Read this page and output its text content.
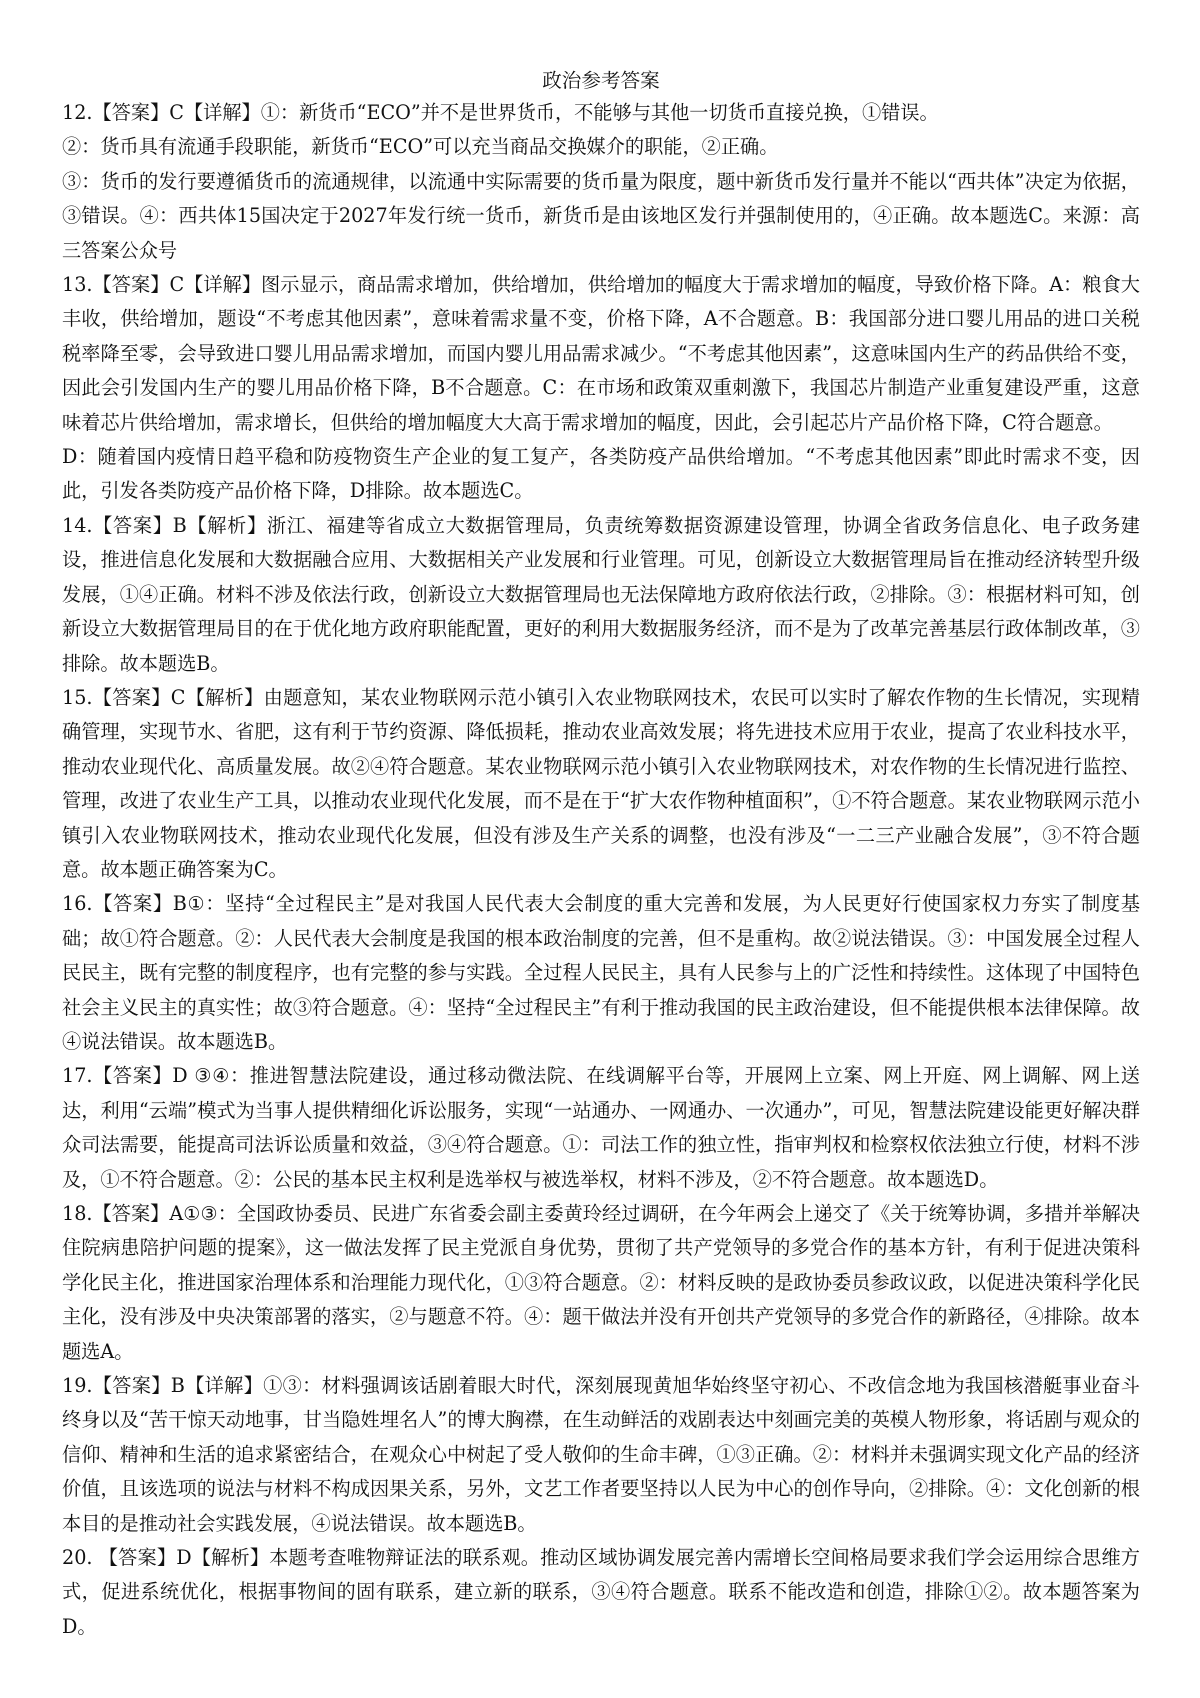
政治参考答案

12.【答案】C【详解】①：新货币“ECO”并不是世界货币，不能够与其他一切货币直接兑换，①错误。

②：货币具有流通手段职能，新货币“ECO”可以充当商品交换媒介的职能，②正确。

③：货币的发行要遵循货币的流通规律，以流通中实际需要的货币量为限度，题中新货币发行量并不能以“西共体”决定为依据，③错误。④：西共体15国决定于2027年发行统一货币，新货币是由该地区发行并强制使用的，④正确。故本题选C。来源：高三答案公众号

13.【答案】C【详解】图示显示，商品需求增加，供给增加，供给增加的幅度大于需求增加的幅度，导致价格下降。A：粮食大丰收，供给增加，题设“不考虑其他因素”，意味着需求量不变，价格下降，A不合题意。B：我国部分进口婴儿用品的进口关税税率降至零，会导致进口婴儿用品需求增加，而国内婴儿用品需求减少。“不考虑其他因素”，这意味国内生产的药品供给不变，因此会引发国内生产的婴儿用品价格下降，B不合题意。C：在市场和政策双重刺激下，我国芯片制造产业重复建设严重，这意味着芯片供给增加，需求增长，但供给的增加幅度大大高于需求增加的幅度，因此，会引起芯片产品价格下降，C符合题意。

D：随着国内疫情日趋平稳和防疫物资生产企业的复工复产，各类防疫产品供给增加。“不考虑其他因素”即此时需求不变，因此，引发各类防疫产品价格下降，D排除。故本题选C。

14.【答案】B【解析】浙江、福建等省成立大数据管理局，负责统筹数据资源建设管理，协调全省政务信息化、电子政务建设，推进信息化发展和大数据融合应用、大数据相关产业发展和行业管理。可见，创新设立大数据管理局旨在推动经济转型升级发展，①④正确。材料不涉及依法行政，创新设立大数据管理局也无法保障地方政府依法行政，②排除。③：根据材料可知，创新设立大数据管理局目的在于优化地方政府职能配置，更好的利用大数据服务经济，而不是为了改革完善基层行政体制改革，③排除。故本题选B。

15.【答案】C【解析】由题意知，某农业物联网示范小镇引入农业物联网技术，农民可以实时了解农作物的生长情况，实现精确管理，实现节水、省肥，这有利于节约资源、降低损耗，推动农业高效发展；将先进技术应用于农业，提高了农业科技水平，推动农业现代化、高质量发展。故②④符合题意。某农业物联网示范小镇引入农业物联网技术，对农作物的生长情况进行监控、管理，改进了农业生产工具，以推动农业现代化发展，而不是在于“扩大农作物种植面积”，①不符合题意。某农业物联网示范小镇引入农业物联网技术，推动农业现代化发展，但没有涉及生产关系的调整，也没有涉及“一二三产业融合发展”，③不符合题意。故本题正确答案为C。

16.【答案】B①：坚持“全过程民主”是对我国人民代表大会制度的重大完善和发展，为人民更好行使国家权力夯实了制度基础；故①符合题意。②：人民代表大会制度是我国的根本政治制度的完善，但不是重构。故②说法错误。③：中国发展全过程人民民主，既有完整的制度程序，也有完整的参与实践。全过程人民民主，具有人民参与上的广泛性和持续性。这体现了中国特色社会主义民主的真实性；故③符合题意。④：坚持“全过程民主”有利于推动我国的民主政治建设，但不能提供根本法律保障。故④说法错误。故本题选B。

17.【答案】D ③④：推进智慧法院建设，通过移动微法院、在线调解平台等，开展网上立案、网上开庭、网上调解、网上送达，利用“云端”模式为当事人提供精细化诉讼服务，实现“一站通办、一网通办、一次通办”，可见，智慧法院建设能更好解决群众司法需要，能提高司法诉讼质量和效益，③④符合题意。①：司法工作的独立性，指审判权和检察权依法独立行使，材料不涉及，①不符合题意。②：公民的基本民主权利是选举权与被选举权，材料不涉及，②不符合题意。故本题选D。

18.【答案】A①③：全国政协委员、民进广东省委会副主委黄玲经过调研，在今年两会上递交了《关于统筹协调，多措并举解决住院病患陪护问题的提案》，这一做法发挥了民主党派自身优势，贯彻了共产党领导的多党合作的基本方针，有利于促进决策科学化民主化，推进国家治理体系和治理能力现代化，①③符合题意。②：材料反映的是政协委员参政议政，以促进决策科学化民主化，没有涉及中央决策部署的落实，②与题意不符。④：题干做法并没有开创共产党领导的多党合作的新路径，④排除。故本题选A。

19.【答案】B【详解】①③：材料强调该话剧着眼大时代，深刻展现黄旭华始终坚守初心、不改信念地为我国核潜艇事业奋斗终身以及“苦干惊天动地事，甘当隐姓埋名人”的博大胸襟，在生动鲜活的戏剧表达中刻画完美的英模人物形象，将话剧与观众的信仰、精神和生活的追求紧密结合，在观众心中树起了受人敬仰的生命丰碑，①③正确。②：材料并未强调实现文化产品的经济价值，且该选项的说法与材料不构成因果关系，另外，文艺工作者要坚持以人民为中心的创作导向，②排除。④：文化创新的根本目的是推动社会实践发展，④说法错误。故本题选B。

20. 【答案】D【解析】本题考查唯物辩证法的联系观。推动区域协调发展完善内需增长空间格局要求我们学会运用综合思维方式，促进系统优化，根据事物间的固有联系，建立新的联系，③④符合题意。联系不能改造和创造，排除①②。故本题答案为D。
